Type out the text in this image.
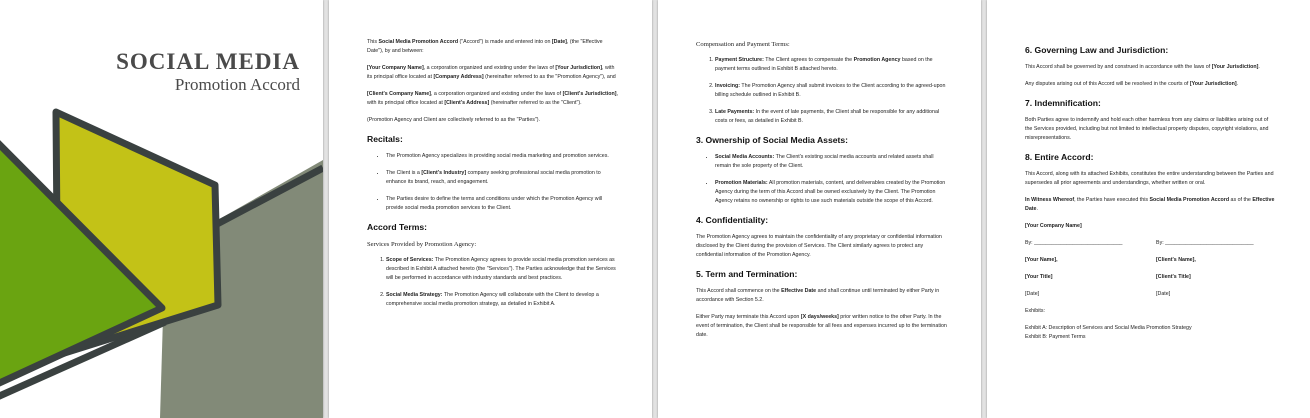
SOCIAL MEDIA
Promotion Accord

This Social Media Promotion Accord ("Accord") is made and entered into on [Date], (the "Effective Date"), by and between:

[Your Company Name], a corporation organized and existing under the laws of [Your Jurisdiction], with its principal office located at [Company Address] (hereinafter referred to as the "Promotion Agency"), and

[Client's Company Name], a corporation organized and existing under the laws of [Client's Jurisdiction], with its principal office located at [Client's Address] (hereinafter referred to as the "Client").

(Promotion Agency and Client are collectively referred to as the "Parties").

Recitals:
• The Promotion Agency specializes in providing social media marketing and promotion services.
• The Client is a [Client's Industry] company seeking professional social media promotion to enhance its brand, reach, and engagement.
• The Parties desire to define the terms and conditions under which the Promotion Agency will provide social media promotion services to the Client.
Accord Terms:
Services Provided by Promotion Agency:
1. Scope of Services: The Promotion Agency agrees to provide social media promotion services as described in Exhibit A attached hereto (the "Services"). The Parties acknowledge that the Services will be performed in accordance with industry standards and best practices.
2. Social Media Strategy: The Promotion Agency will collaborate with the Client to develop a comprehensive social media promotion strategy, as detailed in Exhibit A.
Compensation and Payment Terms:
1. Payment Structure: The Client agrees to compensate the Promotion Agency based on the payment terms outlined in Exhibit B attached hereto.
2. Invoicing: The Promotion Agency shall submit invoices to the Client according to the agreed-upon billing schedule outlined in Exhibit B.
3. Late Payments: In the event of late payments, the Client shall be responsible for any additional costs or fees, as detailed in Exhibit B.
3. Ownership of Social Media Assets:
• Social Media Accounts: The Client's existing social media accounts and related assets shall remain the sole property of the Client.
• Promotion Materials: All promotion materials, content, and deliverables created by the Promotion Agency during the term of this Accord shall be owned exclusively by the Client. The Promotion Agency retains no ownership or rights to use such materials outside the scope of this Accord.
4. Confidentiality:

The Promotion Agency agrees to maintain the confidentiality of any proprietary or confidential information disclosed by the Client during the provision of Services. The Client similarly agrees to protect any confidential information of the Promotion Agency.

5. Term and Termination:

This Accord shall commence on the Effective Date and shall continue until terminated by either Party in accordance with Section 5.2.

Either Party may terminate this Accord upon [X days/weeks] prior written notice to the other Party. In the event of termination, the Client shall be responsible for all fees and expenses incurred up to the termination date.

6. Governing Law and Jurisdiction:

This Accord shall be governed by and construed in accordance with the laws of [Your Jurisdiction].

Any disputes arising out of this Accord will be resolved in the courts of [Your Jurisdiction].

7. Indemnification:

Both Parties agree to indemnify and hold each other harmless from any claims or liabilities arising out of the Services provided, including but not limited to intellectual property disputes, copyright violations, and misrepresentations.

8. Entire Accord:

This Accord, along with its attached Exhibits, constitutes the entire understanding between the Parties and supersedes all prior agreements and understandings, whether written or oral.

In Witness Whereof, the Parties have executed this Social Media Promotion Accord as of the Effective Date.

[Your Company Name]

By: ______________________________

[Your Name],

[Your Title]

[Date]

By: ______________________________

[Client's Name],

[Client's Title]

[Date]

Exhibits:

Exhibit A: Description of Services and Social Media Promotion Strategy
Exhibit B: Payment Terms
